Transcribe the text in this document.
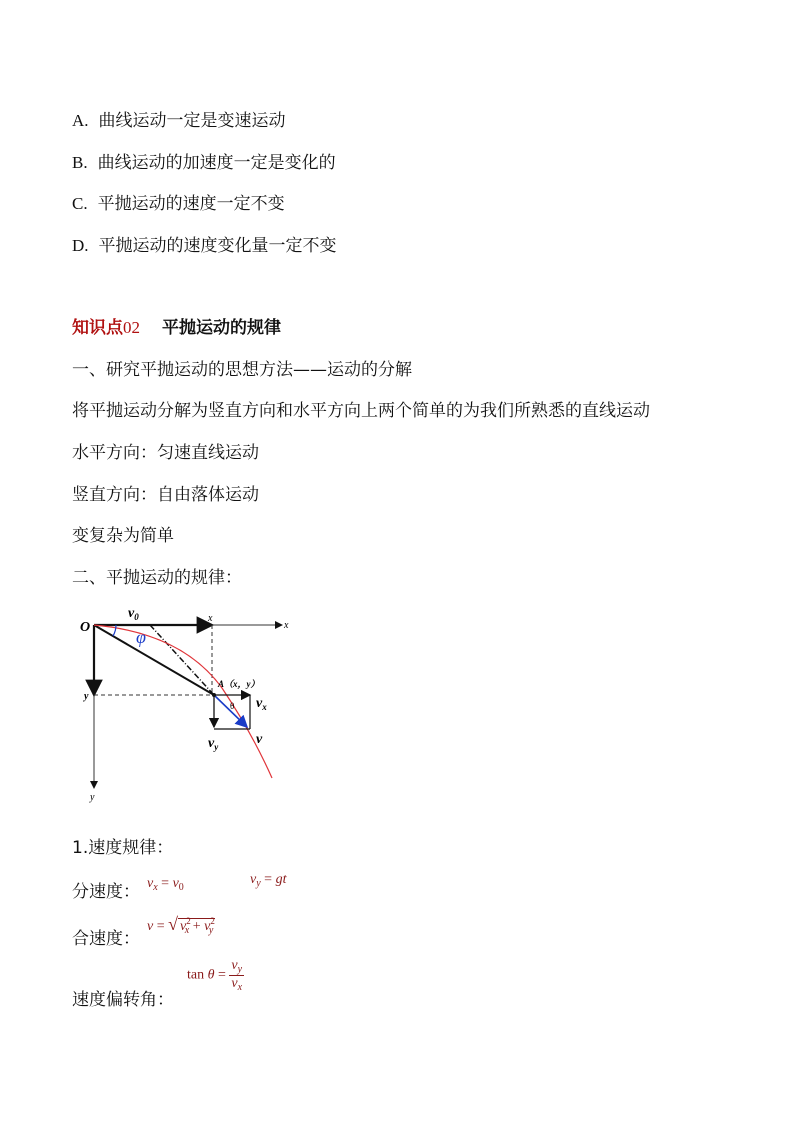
A. 曲线运动一定是变速运动
B. 曲线运动的加速度一定是变化的
C. 平抛运动的速度一定不变
D. 平抛运动的速度变化量一定不变
知识点02 平抛运动的规律
一、研究平抛运动的思想方法——运动的分解
将平抛运动分解为竖直方向和水平方向上两个简单的为我们所熟悉的直线运动
水平方向：匀速直线运动
竖直方向：自由落体运动
变复杂为简单
二、平抛运动的规律：
O
$v_0$
φ
x
x
y
y
A（x，y）
θ $v_x$
$v_y$	v
1.速度规律：
分速度： $v_x = v_0$
$v_y$ = gt
合速度：
v = √ $v^2_x + v^2_y$
速度偏转角：
$\tan \theta = \frac{v_y}{v_x}$
